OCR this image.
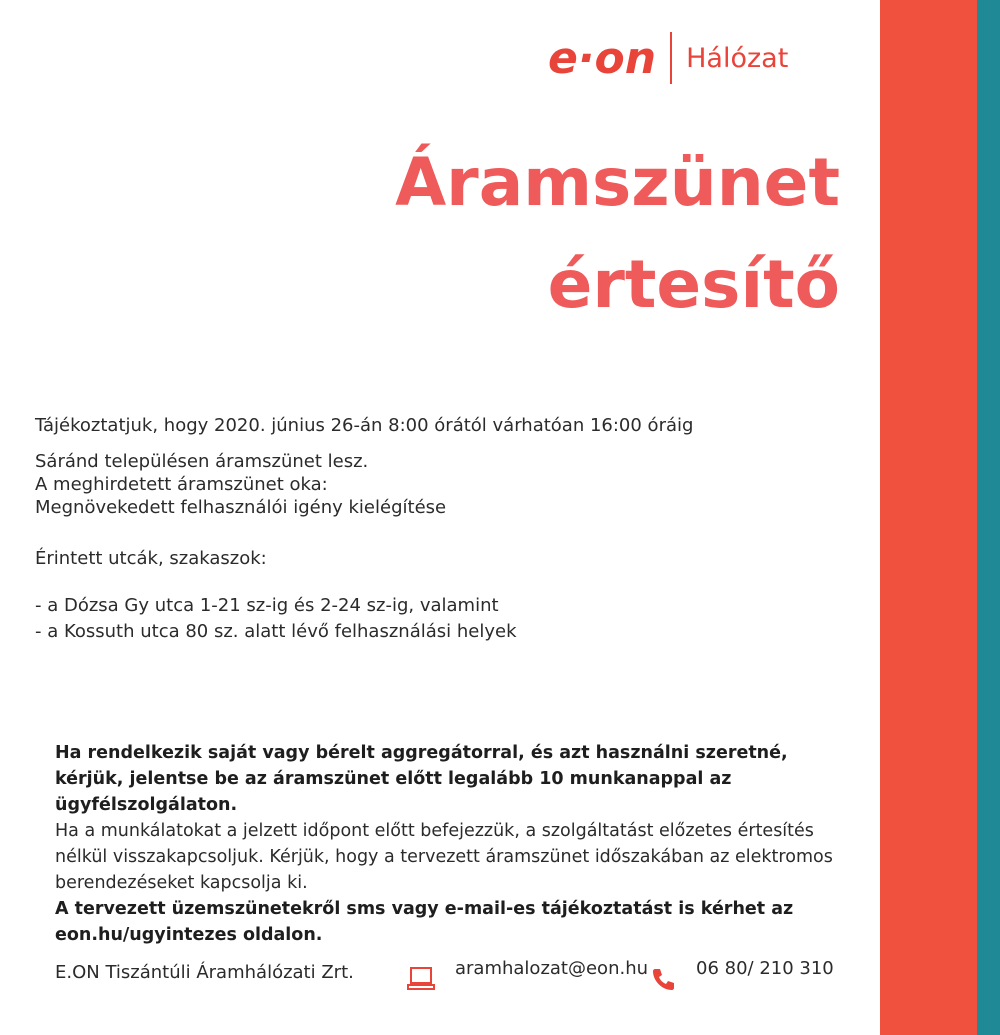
e·on Hálózat
Áramszünet
értesítő
Tájékoztatjuk, hogy 2020. június 26-án 8:00 órától várhatóan 16:00 óráig
Sáránd településen áramszünet lesz.
A meghirdetett áramszünet oka:
Megnövekedett felhasználói igény kielégítése
Érintett utcák, szakaszok:
- a Dózsa Gy utca 1-21 sz-ig és 2-24 sz-ig, valamint
- a Kossuth utca 80 sz. alatt lévő felhasználási helyek

Ha rendelkezik saját vagy bérelt aggregátorral, és azt használni szeretné, kérjük, jelentse be az áramszünet előtt legalább 10 munkanappal az ügyfélszolgálaton.

Ha a munkálatokat a jelzett időpont előtt befejezzük, a szolgáltatást előzetes értesítés nélkül visszakapcsoljuk. Kérjük, hogy a tervezett áramszünet időszakában az elektromos berendezéseket kapcsolja ki.

A tervezett üzemszünetekről sms vagy e-mail-es tájékoztatást is kérhet az eon.hu/ugyintezes oldalon.

E.ON Tiszántúli Áramhálózati Zrt.	aramhalozat@eon.hu	06 80/ 210 310
